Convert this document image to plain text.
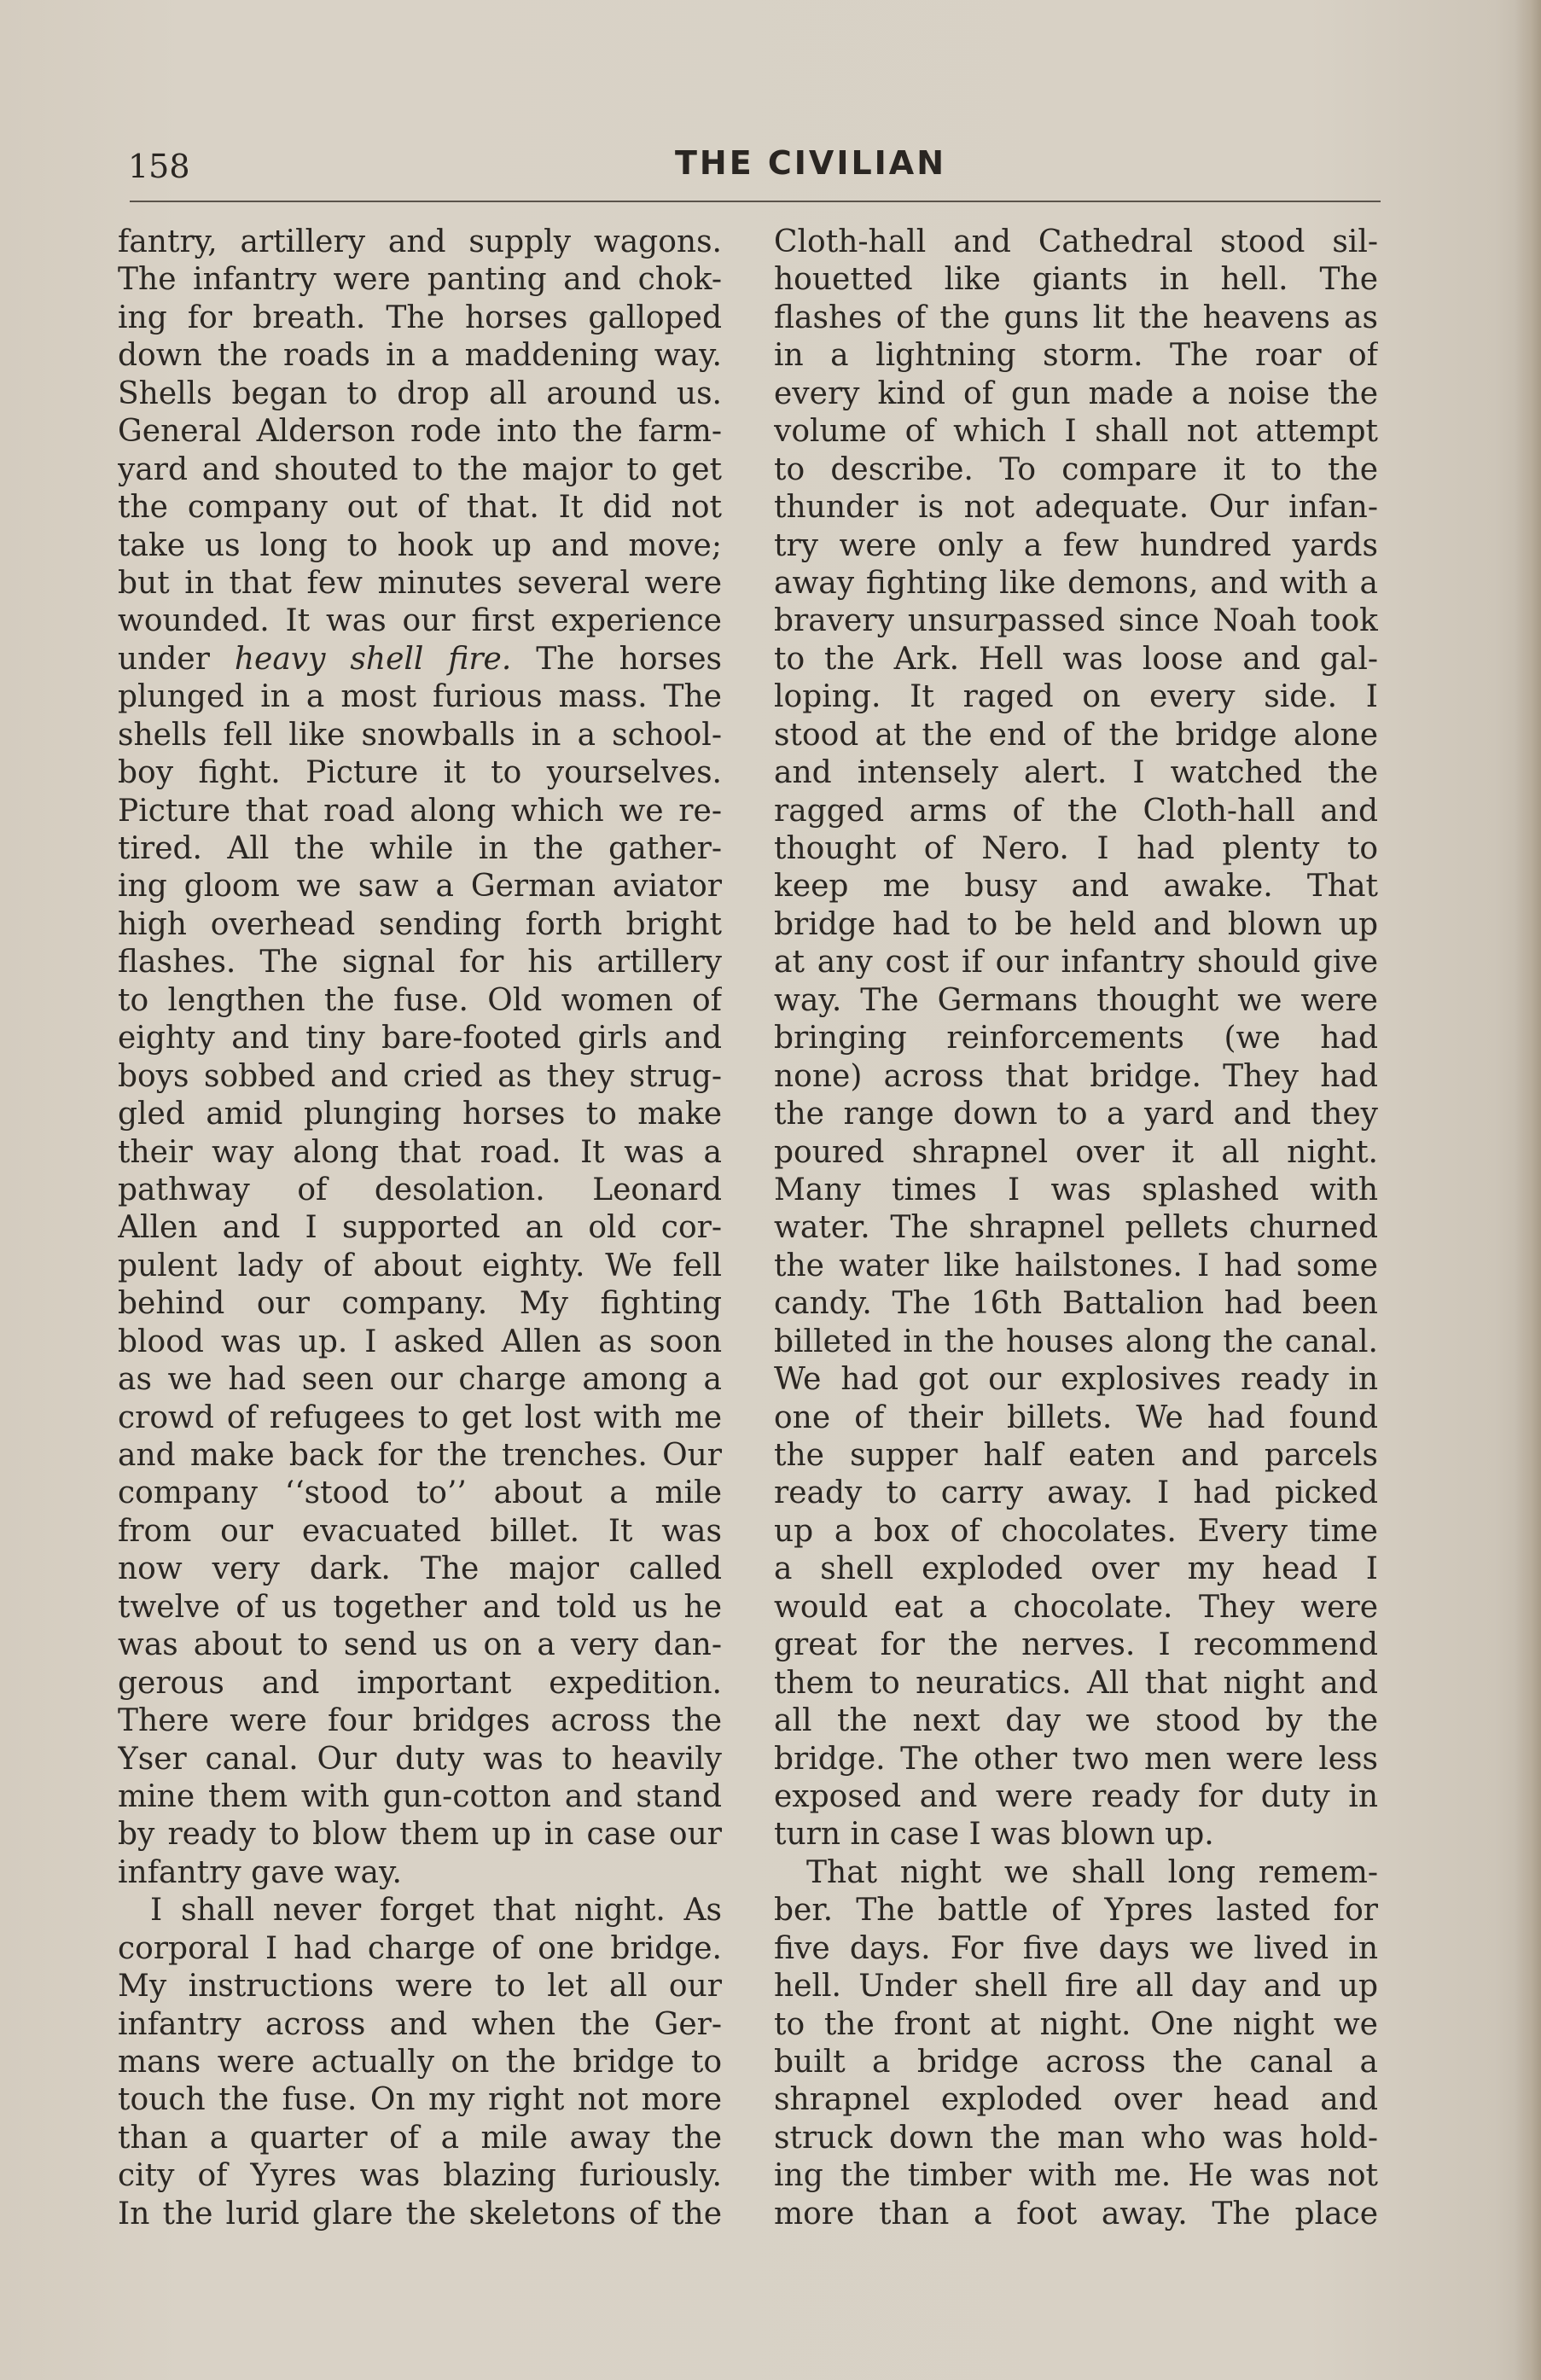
158	THE CIVILIAN
fantry, artillery and supply wagons.
The infantry were panting and chok-
ing for breath. The horses galloped
down the roads in a maddening way.
Shells began to drop all around us.
General Alderson rode into the farm-
yard and shouted to the major to get
the company out of that. It did not
take us long to hook up and move;
but in that few minutes several were
wounded. It was our first experience
under heavy shell fire. The horses
plunged in a most furious mass. The
shells fell like snowballs in a school-
boy fight. Picture it to yourselves.
Picture that road along which we re-
tired. All the while in the gather-
ing gloom we saw a German aviator
high overhead sending forth bright
flashes. The signal for his artillery
to lengthen the fuse. Old women of
eighty and tiny bare-footed girls and
boys sobbed and cried as they strug-
gled amid plunging horses to make
their way along that road. It was a
pathway of desolation. Leonard
Allen and I supported an old cor-
pulent lady of about eighty. We fell
behind our company. My fighting
blood was up. I asked Allen as soon
as we had seen our charge among a
crowd of refugees to get lost with me
and make back for the trenches. Our
company ‘‘stood to’’ about a mile
from our evacuated billet. It was
now very dark. The major called
twelve of us together and told us he
was about to send us on a very dan-
gerous and important expedition.
There were four bridges across the
Yser canal. Our duty was to heavily
mine them with gun-cotton and stand
by ready to blow them up in case our
infantry gave way.
I shall never forget that night. As
corporal I had charge of one bridge.
My instructions were to let all our
infantry across and when the Ger-
mans were actually on the bridge to
touch the fuse. On my right not more
than a quarter of a mile away the
city of Yyres was blazing furiously.
In the lurid glare the skeletons of the
Cloth-hall and Cathedral stood sil-
houetted like giants in hell. The
flashes of the guns lit the heavens as
in a lightning storm. The roar of
every kind of gun made a noise the
volume of which I shall not attempt
to describe. To compare it to the
thunder is not adequate. Our infan-
try were only a few hundred yards
away fighting like demons, and with a
bravery unsurpassed since Noah took
to the Ark. Hell was loose and gal-
loping. It raged on every side. I
stood at the end of the bridge alone
and intensely alert. I watched the
ragged arms of the Cloth-hall and
thought of Nero. I had plenty to
keep me busy and awake. That
bridge had to be held and blown up
at any cost if our infantry should give
way. The Germans thought we were
bringing reinforcements (we had
none) across that bridge. They had
the range down to a yard and they
poured shrapnel over it all night.
Many times I was splashed with
water. The shrapnel pellets churned
the water like hailstones. I had some
candy. The 16th Battalion had been
billeted in the houses along the canal.
We had got our explosives ready in
one of their billets. We had found
the supper half eaten and parcels
ready to carry away. I had picked
up a box of chocolates. Every time
a shell exploded over my head I
would eat a chocolate. They were
great for the nerves. I recommend
them to neuratics. All that night and
all the next day we stood by the
bridge. The other two men were less
exposed and were ready for duty in
turn in case I was blown up.
That night we shall long remem-
ber. The battle of Ypres lasted for
five days. For five days we lived in
hell. Under shell fire all day and up
to the front at night. One night we
built a bridge across the canal a
shrapnel exploded over head and
struck down the man who was hold-
ing the timber with me. He was not
more than a foot away. The place
